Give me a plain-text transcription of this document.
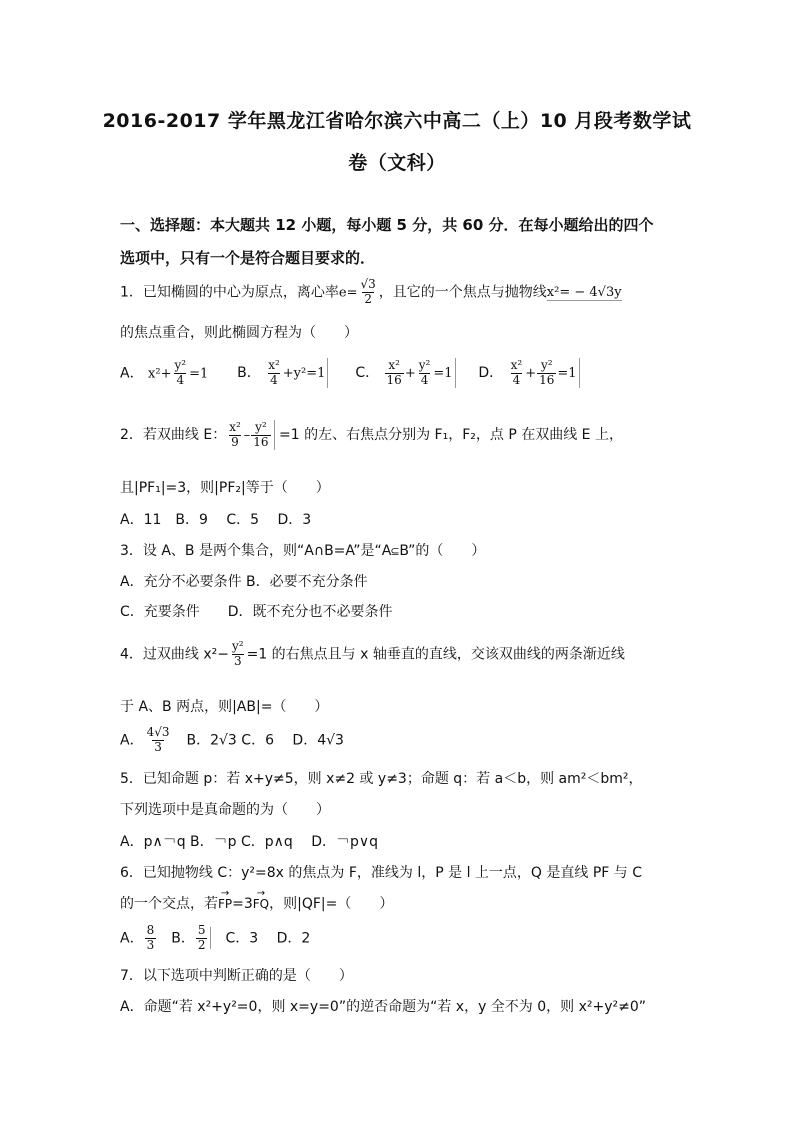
2016-2017 学年黑龙江省哈尔滨六中高二（上）10 月段考数学试
卷（文科）
一、选择题：本大题共 12 小题，每小题 5 分，共 60 分．在每小题给出的四个
选项中，只有一个是符合题目要求的．
1．已知椭圆的中心为原点，离心率$e= \frac{√3}{2}$ ，且它的一个焦点与抛物线x²= − 4√3y
的焦点重合，则此椭圆方程为（　　）
A． $x^2+ \frac{\text{y²}}{4} =1$ B． $\frac{\text{x²}}{4} +y^2=1$ C． $\frac{\text{x²}}{16} + \frac{\text{y²}}{4} =1$ D． $\frac{\text{x²}}{4} + \frac{\text{y²}}{16} =1$
2．若双曲线 E： $\frac{\text{x²}}{9} - \frac{\text{y²}}{16} =1$ 的左、右焦点分别为 F₁，F₂，点 P 在双曲线 E 上，
且|PF₁|=3，则|PF₂|等于（　　）
A．11　B．9　 C．5　 D．3
3．设 A、B 是两个集合，则“A∩B=A”是“A B”的（　　）
A．充分不必要条件 B．必要不充分条件
C．充要条件　　D．既不充分也不必要条件
4．过双曲线 $x^2- \frac{\text{y²}}{3} =1$ 的右焦点且与 x 轴垂直的直线，交该双曲线的两条渐近线
于 A、B 两点，则|AB|=（　　）
A． $\frac{4√3}{3}$ 　B．2√3 C．6　 D．4√3
5．已知命题 p：若 x+y≠5，则 x≠2 或 y≠3；命题 q：若 a＜b，则 am²＜bm²，
下列选项中是真命题的为（　　）
A．p∧￢q B．￢p C．p∧q　 D．￢p∨q
6．已知抛物线 C：y²=8x 的焦点为 F，准线为 l，P 是 l 上一点，Q 是直线 PF 与 C
的一个交点，若→ FP=3→ FQ，则|QF|=（　　）
A． $\frac{8}{3}$ 　B． $\frac{5}{2}$ 　C．3　 D．2
7．以下选项中判断正确的是（　　）
A．命题“若 x²+y²=0，则 x=y=0”的逆否命题为“若 x，y 全不为 0，则 x²+y²≠0”
